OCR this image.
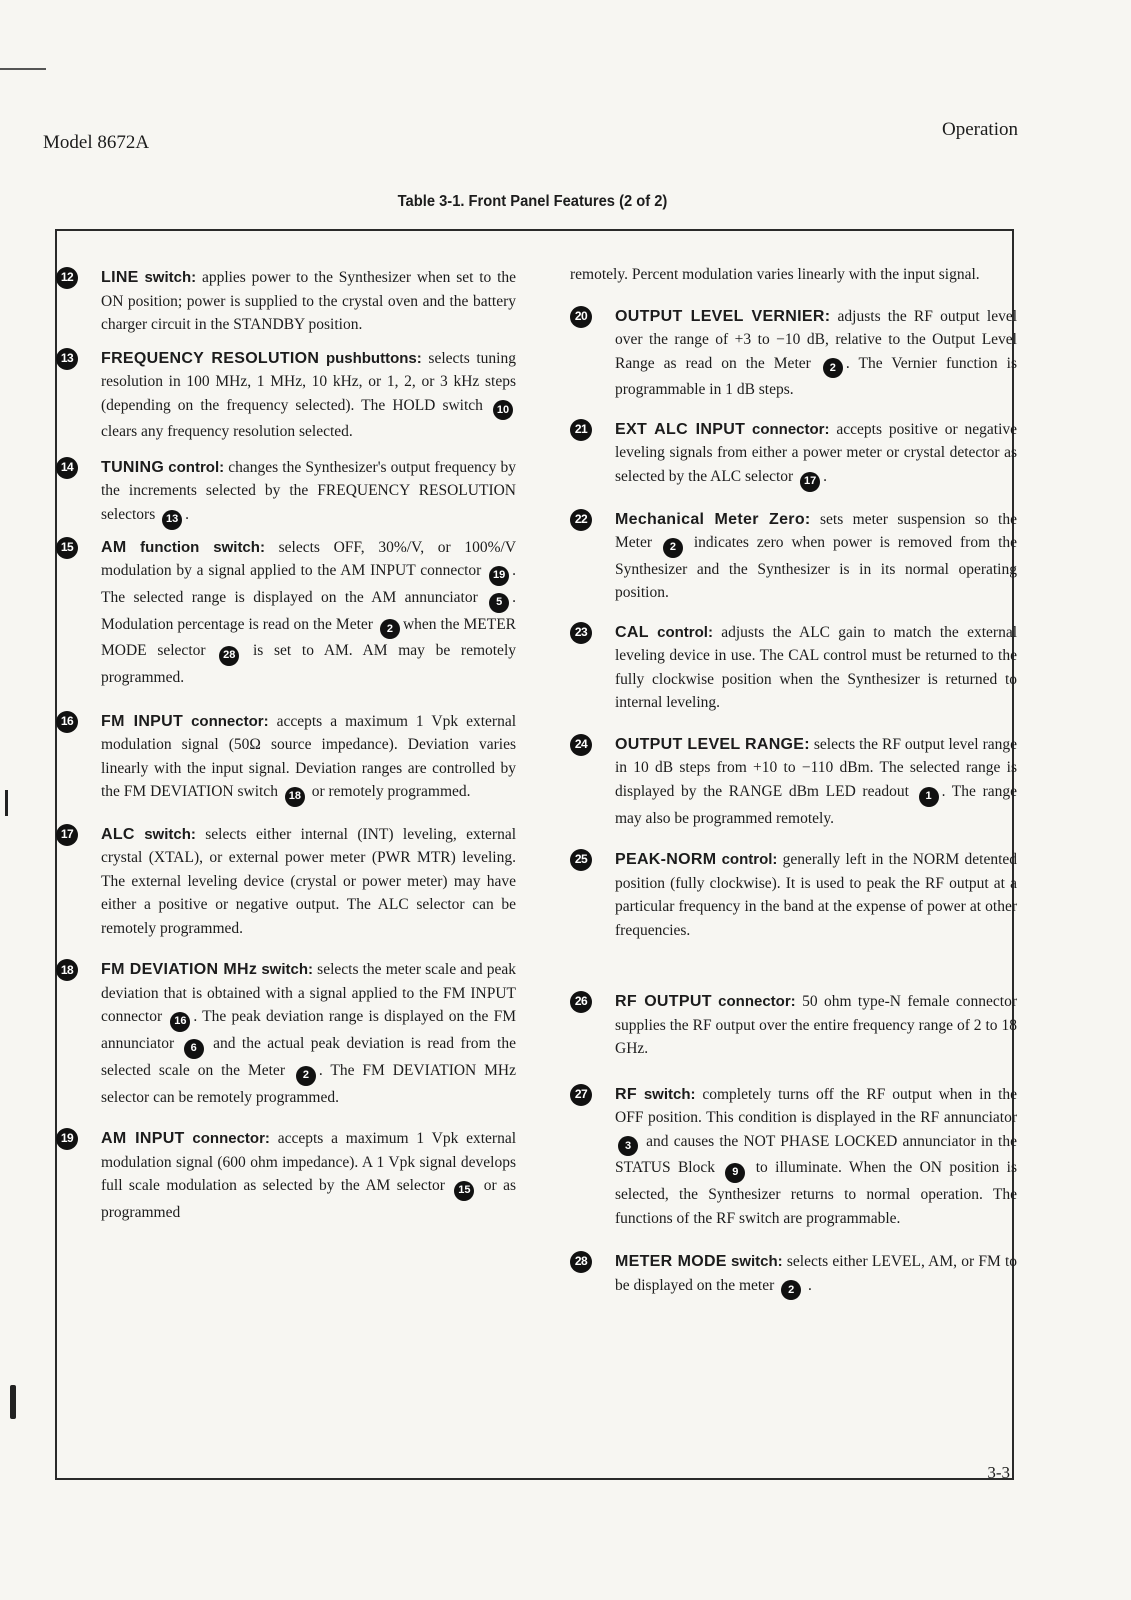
Model 8672A
Operation
Table 3-1. Front Panel Features (2 of 2)

12	LINE switch: applies power to the Synthesizer when set to the ON position; power is supplied to the crystal oven and the battery charger circuit in the STANDBY position.

13	FREQUENCY RESOLUTION pushbuttons: selects tuning resolution in 100 MHz, 1 MHz, 10 kHz, or 1, 2, or 3 kHz steps (depending on the frequency selected). The HOLD switch 10 clears any frequency resolution selected.

14	TUNING control: changes the Synthesizer's output frequency by the increments selected by the FREQUENCY RESOLUTION selectors 13 .

15	AM function switch: selects OFF, 30%/V, or 100%/V modulation by a signal applied to the AM INPUT connector 19 . The selected range is displayed on the AM annunciator 5 . Modulation percentage is read on the Meter 2 when the METER MODE selector 28 is set to AM. AM may be remotely programmed.

16	FM INPUT connector: accepts a maximum 1 Vpk external modulation signal (50Ω source impedance). Deviation varies linearly with the input signal. Deviation ranges are controlled by the FM DEVIATION switch 18 or remotely programmed.

17	ALC switch: selects either internal (INT) leveling, external crystal (XTAL), or external power meter (PWR MTR) leveling. The external leveling device (crystal or power meter) may have either a positive or negative output. The ALC selector can be remotely programmed.

18	FM DEVIATION MHz switch: selects the meter scale and peak deviation that is obtained with a signal applied to the FM INPUT connector 16 . The peak deviation range is displayed on the FM annunciator 6 and the actual peak deviation is read from the selected scale on the Meter 2 . The FM DEVIATION MHz selector can be remotely programmed.

19	AM INPUT connector: accepts a maximum 1 Vpk external modulation signal (600 ohm impedance). A 1 Vpk signal develops full scale modulation as selected by the AM selector 15 or as programmed

remotely. Percent modulation varies linearly with the input signal.

20	OUTPUT LEVEL VERNIER: adjusts the RF output level over the range of +3 to −10 dB, relative to the Output Level Range as read on the Meter 2 . The Vernier function is programmable in 1 dB steps.

21	EXT ALC INPUT connector: accepts positive or negative leveling signals from either a power meter or crystal detector as selected by the ALC selector 17 .

22	Mechanical Meter Zero: sets meter suspension so the Meter 2 indicates zero when power is removed from the Synthesizer and the Synthesizer is in its normal operating position.

23	CAL control: adjusts the ALC gain to match the external leveling device in use. The CAL control must be returned to the fully clockwise position when the Synthesizer is returned to internal leveling.

24	OUTPUT LEVEL RANGE: selects the RF output level range in 10 dB steps from +10 to −110 dBm. The selected range is displayed by the RANGE dBm LED readout 1 . The range may also be programmed remotely.

25	PEAK-NORM control: generally left in the NORM detented position (fully clockwise). It is used to peak the RF output at a particular frequency in the band at the expense of power at other frequencies.

26	RF OUTPUT connector: 50 ohm type-N female connector supplies the RF output over the entire frequency range of 2 to 18 GHz.

27	RF switch: completely turns off the RF output when in the OFF position. This condition is displayed in the RF annunciator 3 and causes the NOT PHASE LOCKED annunciator in the STATUS Block 9 to illuminate. When the ON position is selected, the Synthesizer returns to normal operation. The functions of the RF switch are programmable.

28	METER MODE switch: selects either LEVEL, AM, or FM to be displayed on the meter 2 .

3-3
